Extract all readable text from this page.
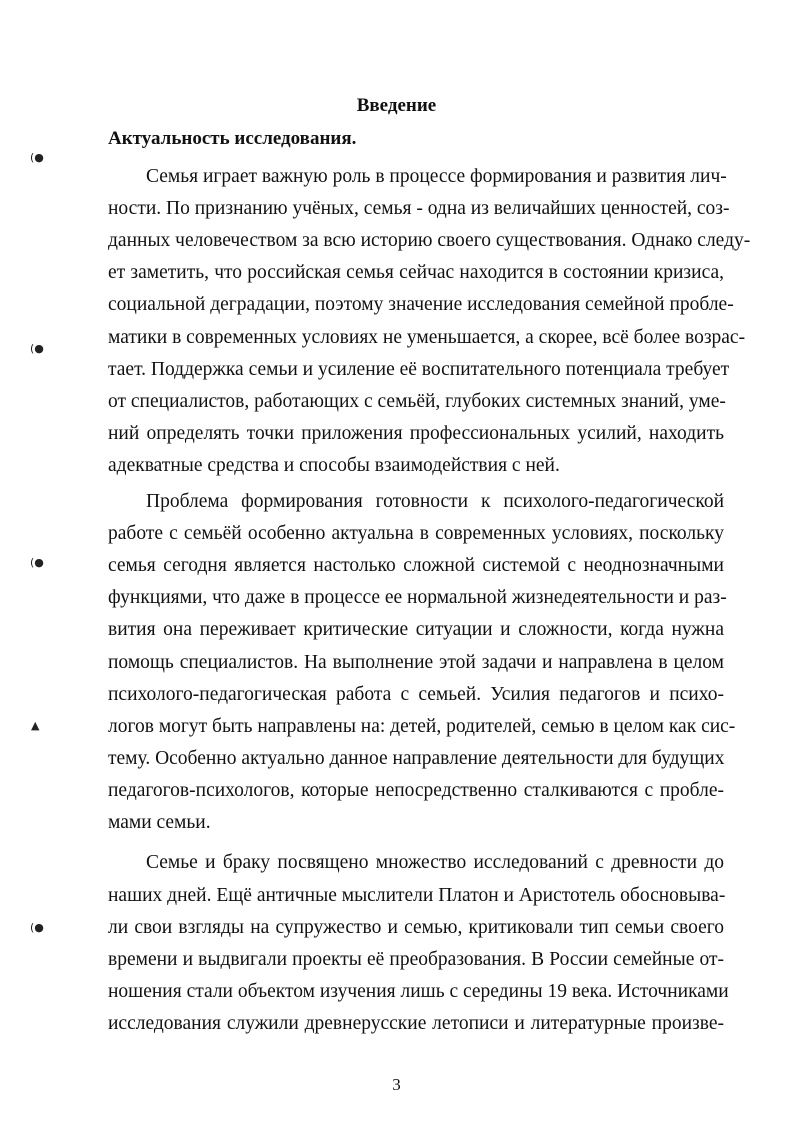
(●
(●
(●
▲
(●
Введение
Актуальность исследования.
Семья играет важную роль в процессе формирования и развития лич-
ности. По признанию учёных, семья - одна из величайших ценностей, соз-
данных человечеством за всю историю своего существования. Однако следу-
ет заметить, что российская семья сейчас находится в состоянии кризиса,
социальной деградации, поэтому значение исследования семейной пробле-
матики в современных условиях не уменьшается, а скорее, всё более возрас-
тает. Поддержка семьи и усиление её воспитательного потенциала требует
от специалистов, работающих с семьёй, глубоких системных знаний, уме-
ний определять точки приложения профессиональных усилий, находить
адекватные средства и способы взаимодействия с ней.
Проблема формирования готовности к психолого-педагогической
работе с семьёй особенно актуальна в современных условиях, поскольку
семья сегодня является настолько сложной системой с неоднозначными
функциями, что даже в процессе ее нормальной жизнедеятельности и раз-
вития она переживает критические ситуации и сложности, когда нужна
помощь специалистов. На выполнение этой задачи и направлена в целом
психолого-педагогическая работа с семьей. Усилия педагогов и психо-
логов могут быть направлены на: детей, родителей, семью в целом как сис-
тему. Особенно актуально данное направление деятельности для будущих
педагогов-психологов, которые непосредственно сталкиваются с пробле-
мами семьи.
Семье и браку посвящено множество исследований с древности до
наших дней. Ещё античные мыслители Платон и Аристотель обосновыва-
ли свои взгляды на супружество и семью, критиковали тип семьи своего
времени и выдвигали проекты её преобразования. В России семейные от-
ношения стали объектом изучения лишь с середины 19 века. Источниками
исследования служили древнерусские летописи и литературные произве-
3
